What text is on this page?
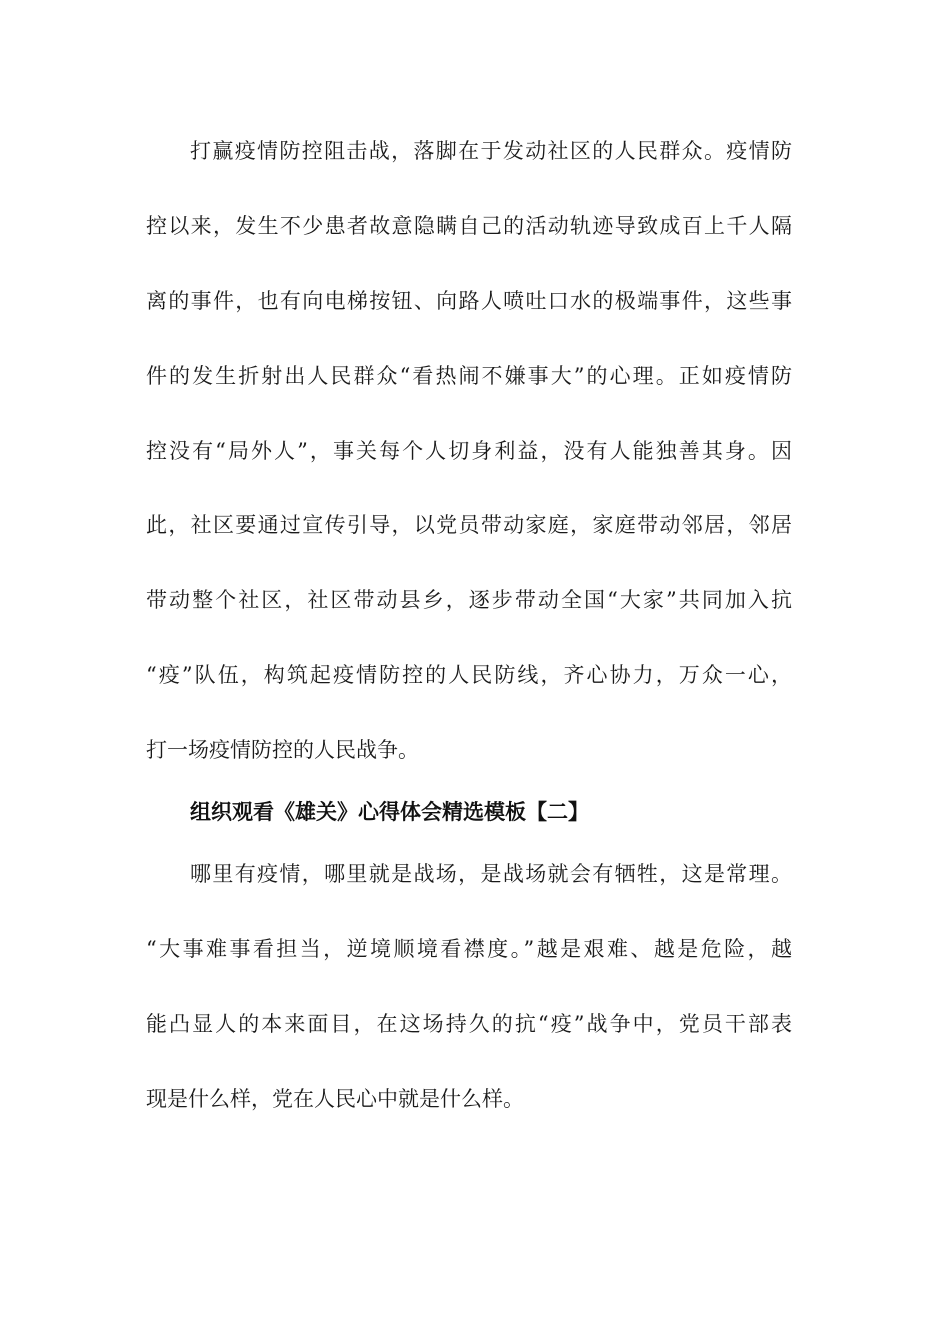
打赢疫情防控阻击战，落脚在于发动社区的人民群众。疫情防
控以来，发生不少患者故意隐瞒自己的活动轨迹导致成百上千人隔
离的事件，也有向电梯按钮、向路人喷吐口水的极端事件，这些事
件的发生折射出人民群众“看热闹不嫌事大”的心理。正如疫情防
控没有“局外人”，事关每个人切身利益，没有人能独善其身。因
此，社区要通过宣传引导，以党员带动家庭，家庭带动邻居，邻居
带动整个社区，社区带动县乡，逐步带动全国“大家”共同加入抗
“疫”队伍，构筑起疫情防控的人民防线，齐心协力，万众一心，
打一场疫情防控的人民战争。
组织观看《雄关》心得体会精选模板【二】
哪里有疫情，哪里就是战场，是战场就会有牺牲，这是常理。
“大事难事看担当，逆境顺境看襟度。”越是艰难、越是危险，越
能凸显人的本来面目，在这场持久的抗“疫”战争中，党员干部表
现是什么样，党在人民心中就是什么样。
